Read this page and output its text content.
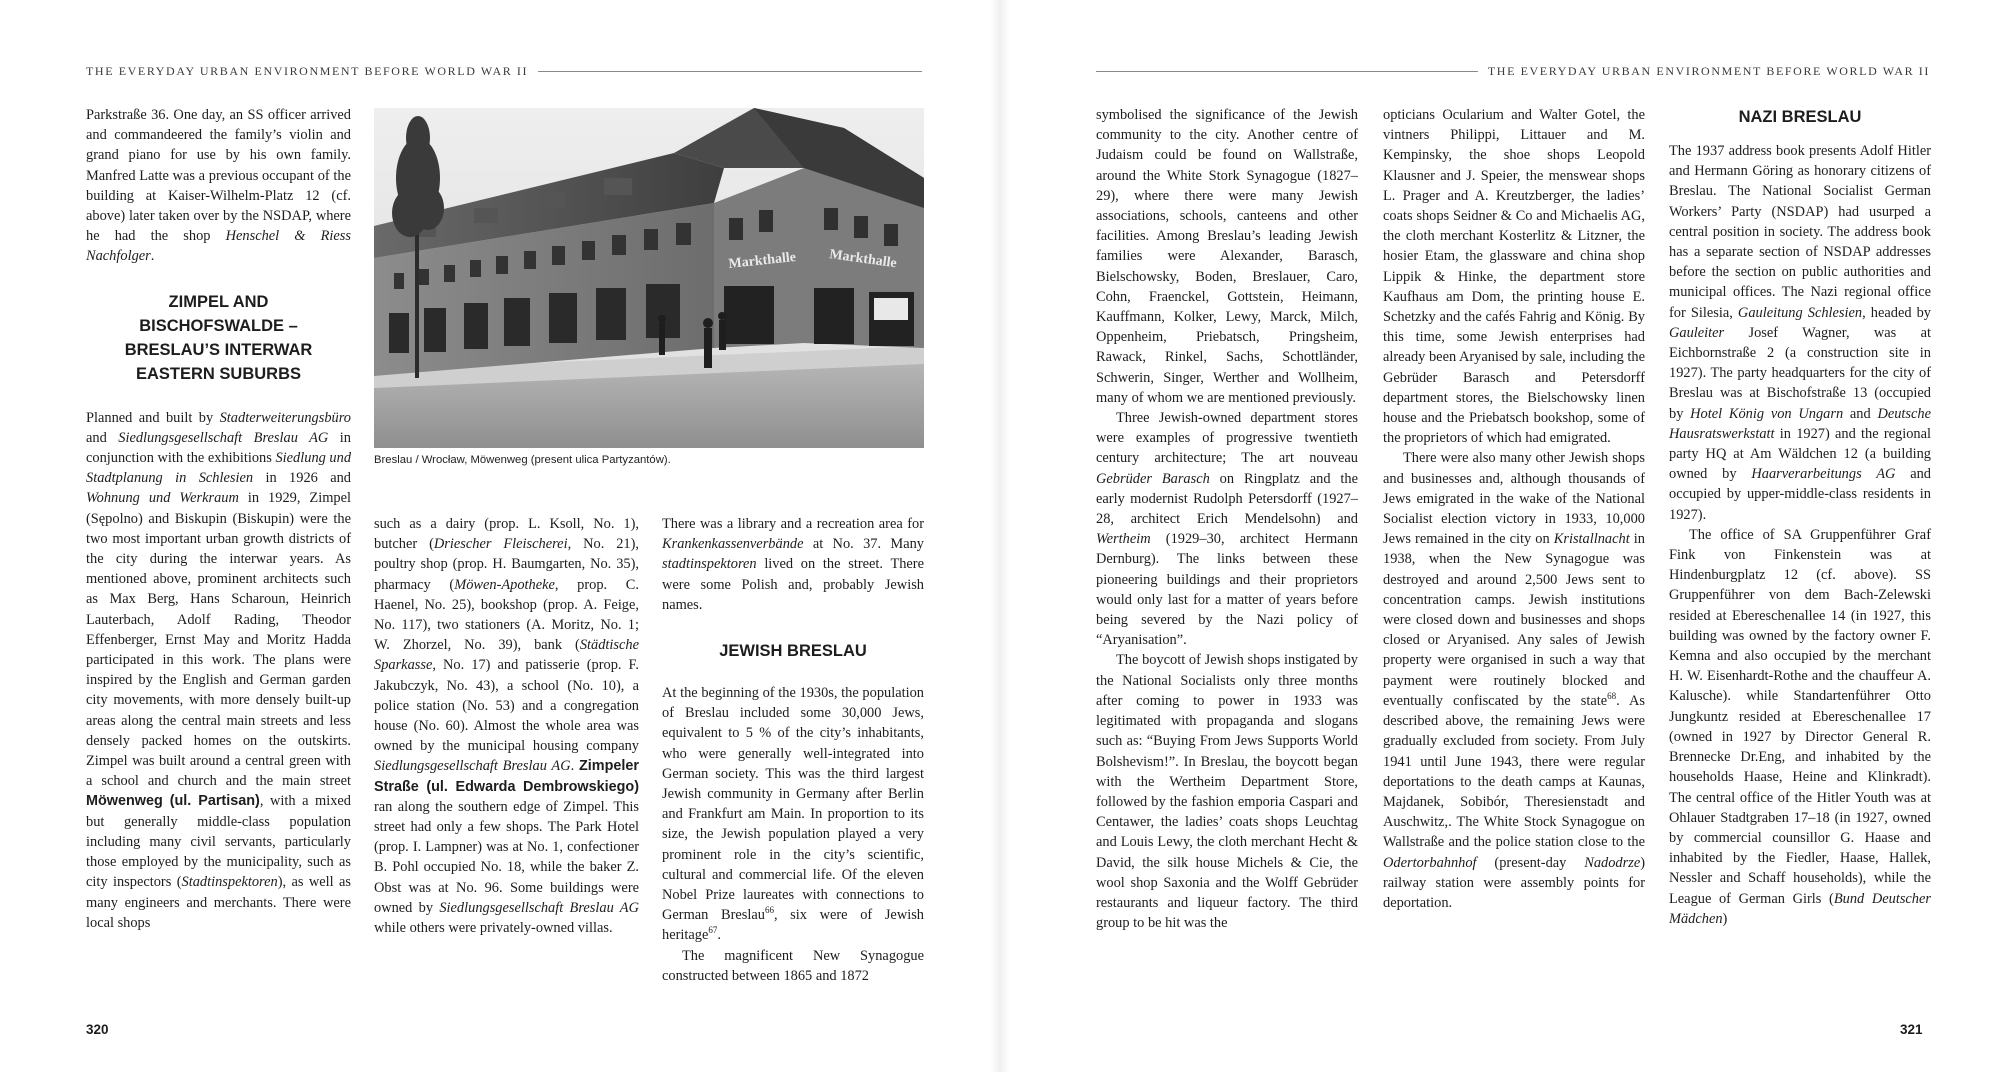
THE EVERYDAY URBAN ENVIRONMENT BEFORE WORLD WAR II

Parkstraße 36. One day, an SS officer arrived and commandeered the family’s violin and grand piano for use by his own family. Manfred Latte was a previous occupant of the building at Kaiser-Wilhelm-Platz 12 (cf. above) later taken over by the NSDAP, where he had the shop Henschel & Riess Nachfolger.

ZIMPEL AND
BISCHOFSWALDE –
BRESLAU’S INTERWAR
EASTERN SUBURBS

Planned and built by Stadterweiterungsbüro and Siedlungsgesellschaft Breslau AG in conjunction with the exhibitions Siedlung und Stadtplanung in Schlesien in 1926 and Wohnung und Werkraum in 1929, Zimpel (Sępolno) and Biskupin (Biskupin) were the two most important urban growth districts of the city during the interwar years. As mentioned above, prominent architects such as Max Berg, Hans Scharoun, Heinrich Lauterbach, Adolf Rading, Theodor Effenberger, Ernst May and Moritz Hadda participated in this work. The plans were inspired by the English and German garden city movements, with more densely built-up areas along the central main streets and less densely packed homes on the outskirts. Zimpel was built around a central green with a school and church and the main street Möwenweg (ul. Partisan), with a mixed but generally middle-class population including many civil servants, particularly those employed by the municipality, such as city inspectors (Stadtinspektoren), as well as many engineers and merchants. There were local shops

Markthalle Markthalle
Breslau / Wrocław, Möwenweg (present ulica Partyzantów).

such as a dairy (prop. L. Ksoll, No. 1), butcher (Driescher Fleischerei, No. 21), poultry shop (prop. H. Baumgarten, No. 35), pharmacy (Möwen-Apotheke, prop. C. Haenel, No. 25), bookshop (prop. A. Feige, No. 117), two stationers (A. Moritz, No. 1; W. Zhorzel, No. 39), bank (Städtische Sparkasse, No. 17) and patisserie (prop. F. Jakubczyk, No. 43), a school (No. 10), a police station (No. 53) and a congregation house (No. 60). Almost the whole area was owned by the municipal housing company Siedlungsgesellschaft Breslau AG. Zimpeler Straße (ul. Edwarda Dembrowskiego) ran along the southern edge of Zimpel. This street had only a few shops. The Park Hotel (prop. I. Lampner) was at No. 1, confectioner B. Pohl occupied No. 18, while the baker Z. Obst was at No. 96. Some buildings were owned by Siedlungsgesellschaft Breslau AG while others were privately-owned villas.

There was a library and a recreation area for Krankenkassenverbände at No. 37. Many stadtinspektoren lived on the street. There were some Polish and, probably Jewish names.

JEWISH BRESLAU

At the beginning of the 1930s, the population of Breslau included some 30,000 Jews, equivalent to 5 % of the city’s inhabitants, who were generally well-integrated into German society. This was the third largest Jewish community in Germany after Berlin and Frankfurt am Main. In proportion to its size, the Jewish population played a very prominent role in the city’s scientific, cultural and commercial life. Of the eleven Nobel Prize laureates with connections to German Breslau$^{66}$, six were of Jewish heritage$^{67}$.

The magnificent New Synagogue constructed between 1865 and 1872

320
THE EVERYDAY URBAN ENVIRONMENT BEFORE WORLD WAR II

symbolised the significance of the Jewish community to the city. Another centre of Judaism could be found on Wallstraße, around the White Stork Synagogue (1827–29), where there were many Jewish associations, schools, canteens and other facilities. Among Breslau’s leading Jewish families were Alexander, Barasch, Bielschowsky, Boden, Breslauer, Caro, Cohn, Fraenckel, Gottstein, Heimann, Kauffmann, Kolker, Lewy, Marck, Milch, Oppenheim, Priebatsch, Pringsheim, Rawack, Rinkel, Sachs, Schottländer, Schwerin, Singer, Werther and Wollheim, many of whom we are mentioned previously.

Three Jewish-owned department stores were examples of progressive twentieth century architecture; The art nouveau Gebrüder Barasch on Ringplatz and the early modernist Rudolph Petersdorff (1927–28, architect Erich Mendelsohn) and Wertheim (1929–30, architect Hermann Dernburg). The links between these pioneering buildings and their proprietors would only last for a matter of years before being severed by the Nazi policy of “Aryanisation”.

The boycott of Jewish shops instigated by the National Socialists only three months after coming to power in 1933 was legitimated with propaganda and slogans such as: “Buying From Jews Supports World Bolshevism!”. In Breslau, the boycott began with the Wertheim Department Store, followed by the fashion emporia Caspari and Centawer, the ladies’ coats shops Leuchtag and Louis Lewy, the cloth merchant Hecht & David, the silk house Michels & Cie, the wool shop Saxonia and the Wolff Gebrüder restaurants and liqueur factory. The third group to be hit was the

opticians Ocularium and Walter Gotel, the vintners Philippi, Littauer and M. Kempinsky, the shoe shops Leopold Klausner and J. Speier, the menswear shops L. Prager and A. Kreutzberger, the ladies’ coats shops Seidner & Co and Michaelis AG, the cloth merchant Kosterlitz & Litzner, the hosier Etam, the glassware and china shop Lippik & Hinke, the department store Kaufhaus am Dom, the printing house E. Schetzky and the cafés Fahrig and König. By this time, some Jewish enterprises had already been Aryanised by sale, including the Gebrüder Barasch and Petersdorff department stores, the Bielschowsky linen house and the Priebatsch bookshop, some of the proprietors of which had emigrated.

There were also many other Jewish shops and businesses and, although thousands of Jews emigrated in the wake of the National Socialist election victory in 1933, 10,000 Jews remained in the city on Kristallnacht in 1938, when the New Synagogue was destroyed and around 2,500 Jews sent to concentration camps. Jewish institutions were closed down and businesses and shops closed or Aryanised. Any sales of Jewish property were organised in such a way that payment were routinely blocked and eventually confiscated by the state$^{68}$. As described above, the remaining Jews were gradually excluded from society. From July 1941 until June 1943, there were regular deportations to the death camps at Kaunas, Majdanek, Sobibór, Theresienstadt and Auschwitz,. The White Stock Synagogue on Wallstraße and the police station close to the Odertorbahnhof (present-day Nadodrze) railway station were assembly points for deportation.

NAZI BRESLAU

The 1937 address book presents Adolf Hitler and Hermann Göring as honorary citizens of Breslau. The National Socialist German Workers’ Party (NSDAP) had usurped a central position in society. The address book has a separate section of NSDAP addresses before the section on public authorities and municipal offices. The Nazi regional office for Silesia, Gauleitung Schlesien, headed by Gauleiter Josef Wagner, was at Eichbornstraße 2 (a construction site in 1927). The party headquarters for the city of Breslau was at Bischofstraße 13 (occupied by Hotel König von Ungarn and Deutsche Hausratswerkstatt in 1927) and the regional party HQ at Am Wäldchen 12 (a building owned by Haarverarbeitungs AG and occupied by upper-middle-class residents in 1927).

The office of SA Gruppenführer Graf Fink von Finkenstein was at Hindenburgplatz 12 (cf. above). SS Gruppenführer von dem Bach-Zelewski resided at Ebereschenallee 14 (in 1927, this building was owned by the factory owner F. Kemna and also occupied by the merchant H. W. Eisenhardt-Rothe and the chauffeur A. Kalusche). while Standartenführer Otto Jungkuntz resided at Ebereschenallee 17 (owned in 1927 by Director General R. Brennecke Dr.Eng, and inhabited by the households Haase, Heine and Klinkradt). The central office of the Hitler Youth was at Ohlauer Stadtgraben 17–18 (in 1927, owned by commercial counsillor G. Haase and inhabited by the Fiedler, Haase, Hallek, Nessler and Schaff households), while the League of German Girls (Bund Deutscher Mädchen)

321
